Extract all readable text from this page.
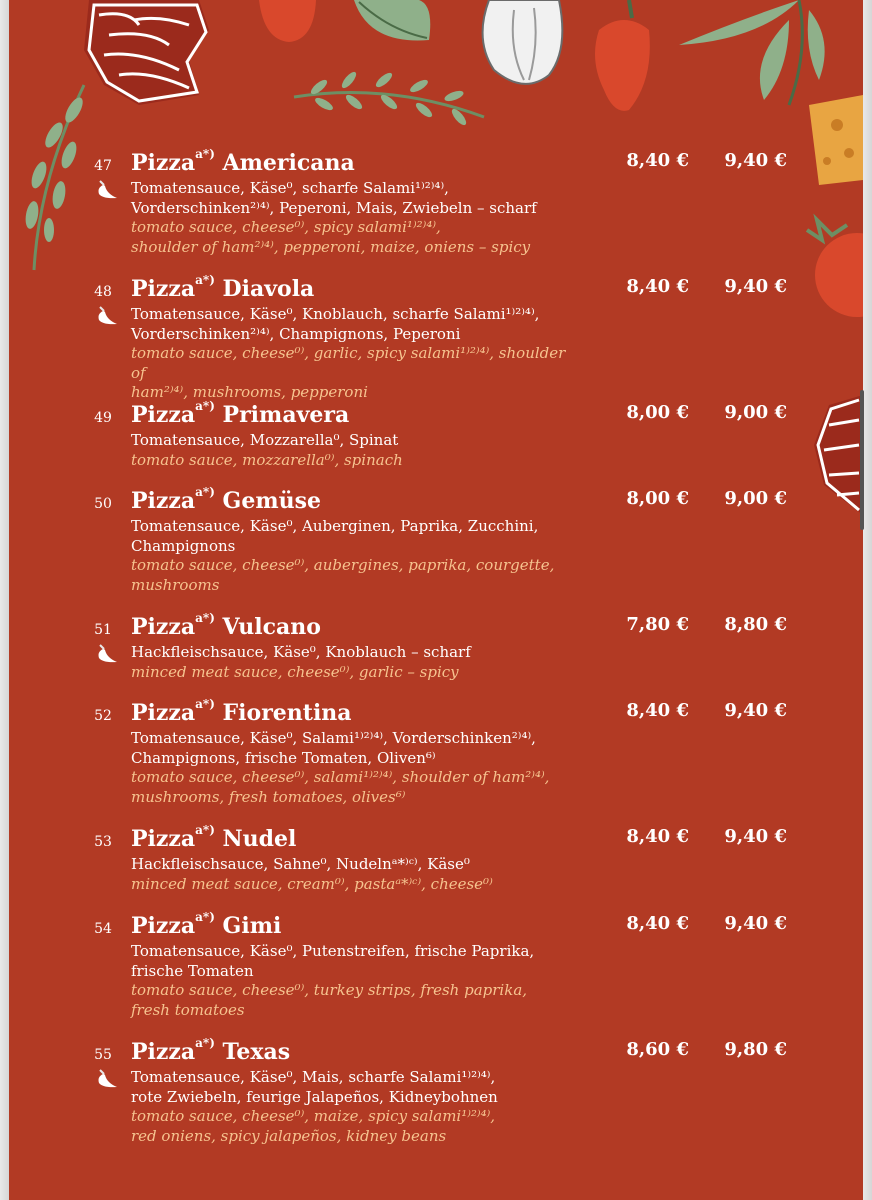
47 Pizza$^{a*)}$ Americana
Tomatensauce, Käse⁰, scharfe Salami¹⁾²⁾⁴⁾,
Vorderschinken²⁾⁴⁾, Peperoni, Mais, Zwiebeln – scharf
tomato sauce, cheese⁰⁾, spicy salami¹⁾²⁾⁴⁾,
shoulder of ham²⁾⁴⁾, pepperoni, maize, oniens – spicy
8,40 €	9,40 €
48 Pizza$^{a*)}$ Diavola
Tomatensauce, Käse⁰, Knoblauch, scharfe Salami¹⁾²⁾⁴⁾,
Vorderschinken²⁾⁴⁾, Champignons, Peperoni
tomato sauce, cheese⁰⁾, garlic, spicy salami¹⁾²⁾⁴⁾, shoulder of
ham²⁾⁴⁾, mushrooms, pepperoni
8,40 €	9,40 €
49 Pizza$^{a*)}$ Primavera
Tomatensauce, Mozzarella⁰, Spinat
tomato sauce, mozzarella⁰⁾, spinach
8,00 €	9,00 €
50 Pizza$^{a*)}$ Gemüse
Tomatensauce, Käse⁰, Auberginen, Paprika, Zucchini,
Champignons
tomato sauce, cheese⁰⁾, aubergines, paprika, courgette,
mushrooms
8,00 €	9,00 €
51 Pizza$^{a*)}$ Vulcano
Hackfleischsauce, Käse⁰, Knoblauch – scharf
minced meat sauce, cheese⁰⁾, garlic – spicy
7,80 €	8,80 €
52 Pizza$^{a*)}$ Fiorentina
Tomatensauce, Käse⁰, Salami¹⁾²⁾⁴⁾, Vorderschinken²⁾⁴⁾,
Champignons, frische Tomaten, Oliven⁶⁾
tomato sauce, cheese⁰⁾, salami¹⁾²⁾⁴⁾, shoulder of ham²⁾⁴⁾,
mushrooms, fresh tomatoes, olives⁶⁾
8,40 €	9,40 €
53 Pizza$^{a*)}$ Nudel
Hackfleischsauce, Sahne⁰, Nudelnᵃ*⁾ᶜ⁾, Käse⁰
minced meat sauce, cream⁰⁾, pastaᵃ*⁾ᶜ⁾, cheese⁰⁾
8,40 €	9,40 €
54 Pizza$^{a*)}$ Gimi
Tomatensauce, Käse⁰, Putenstreifen, frische Paprika,
frische Tomaten
tomato sauce, cheese⁰⁾, turkey strips, fresh paprika,
fresh tomatoes
8,40 €	9,40 €
55 Pizza$^{a*)}$ Texas
Tomatensauce, Käse⁰, Mais, scharfe Salami¹⁾²⁾⁴⁾,
rote Zwiebeln, feurige Jalapeños, Kidneybohnen
tomato sauce, cheese⁰⁾, maize, spicy salami¹⁾²⁾⁴⁾,
red oniens, spicy jalapeños, kidney beans
8,60 €	9,80 €
